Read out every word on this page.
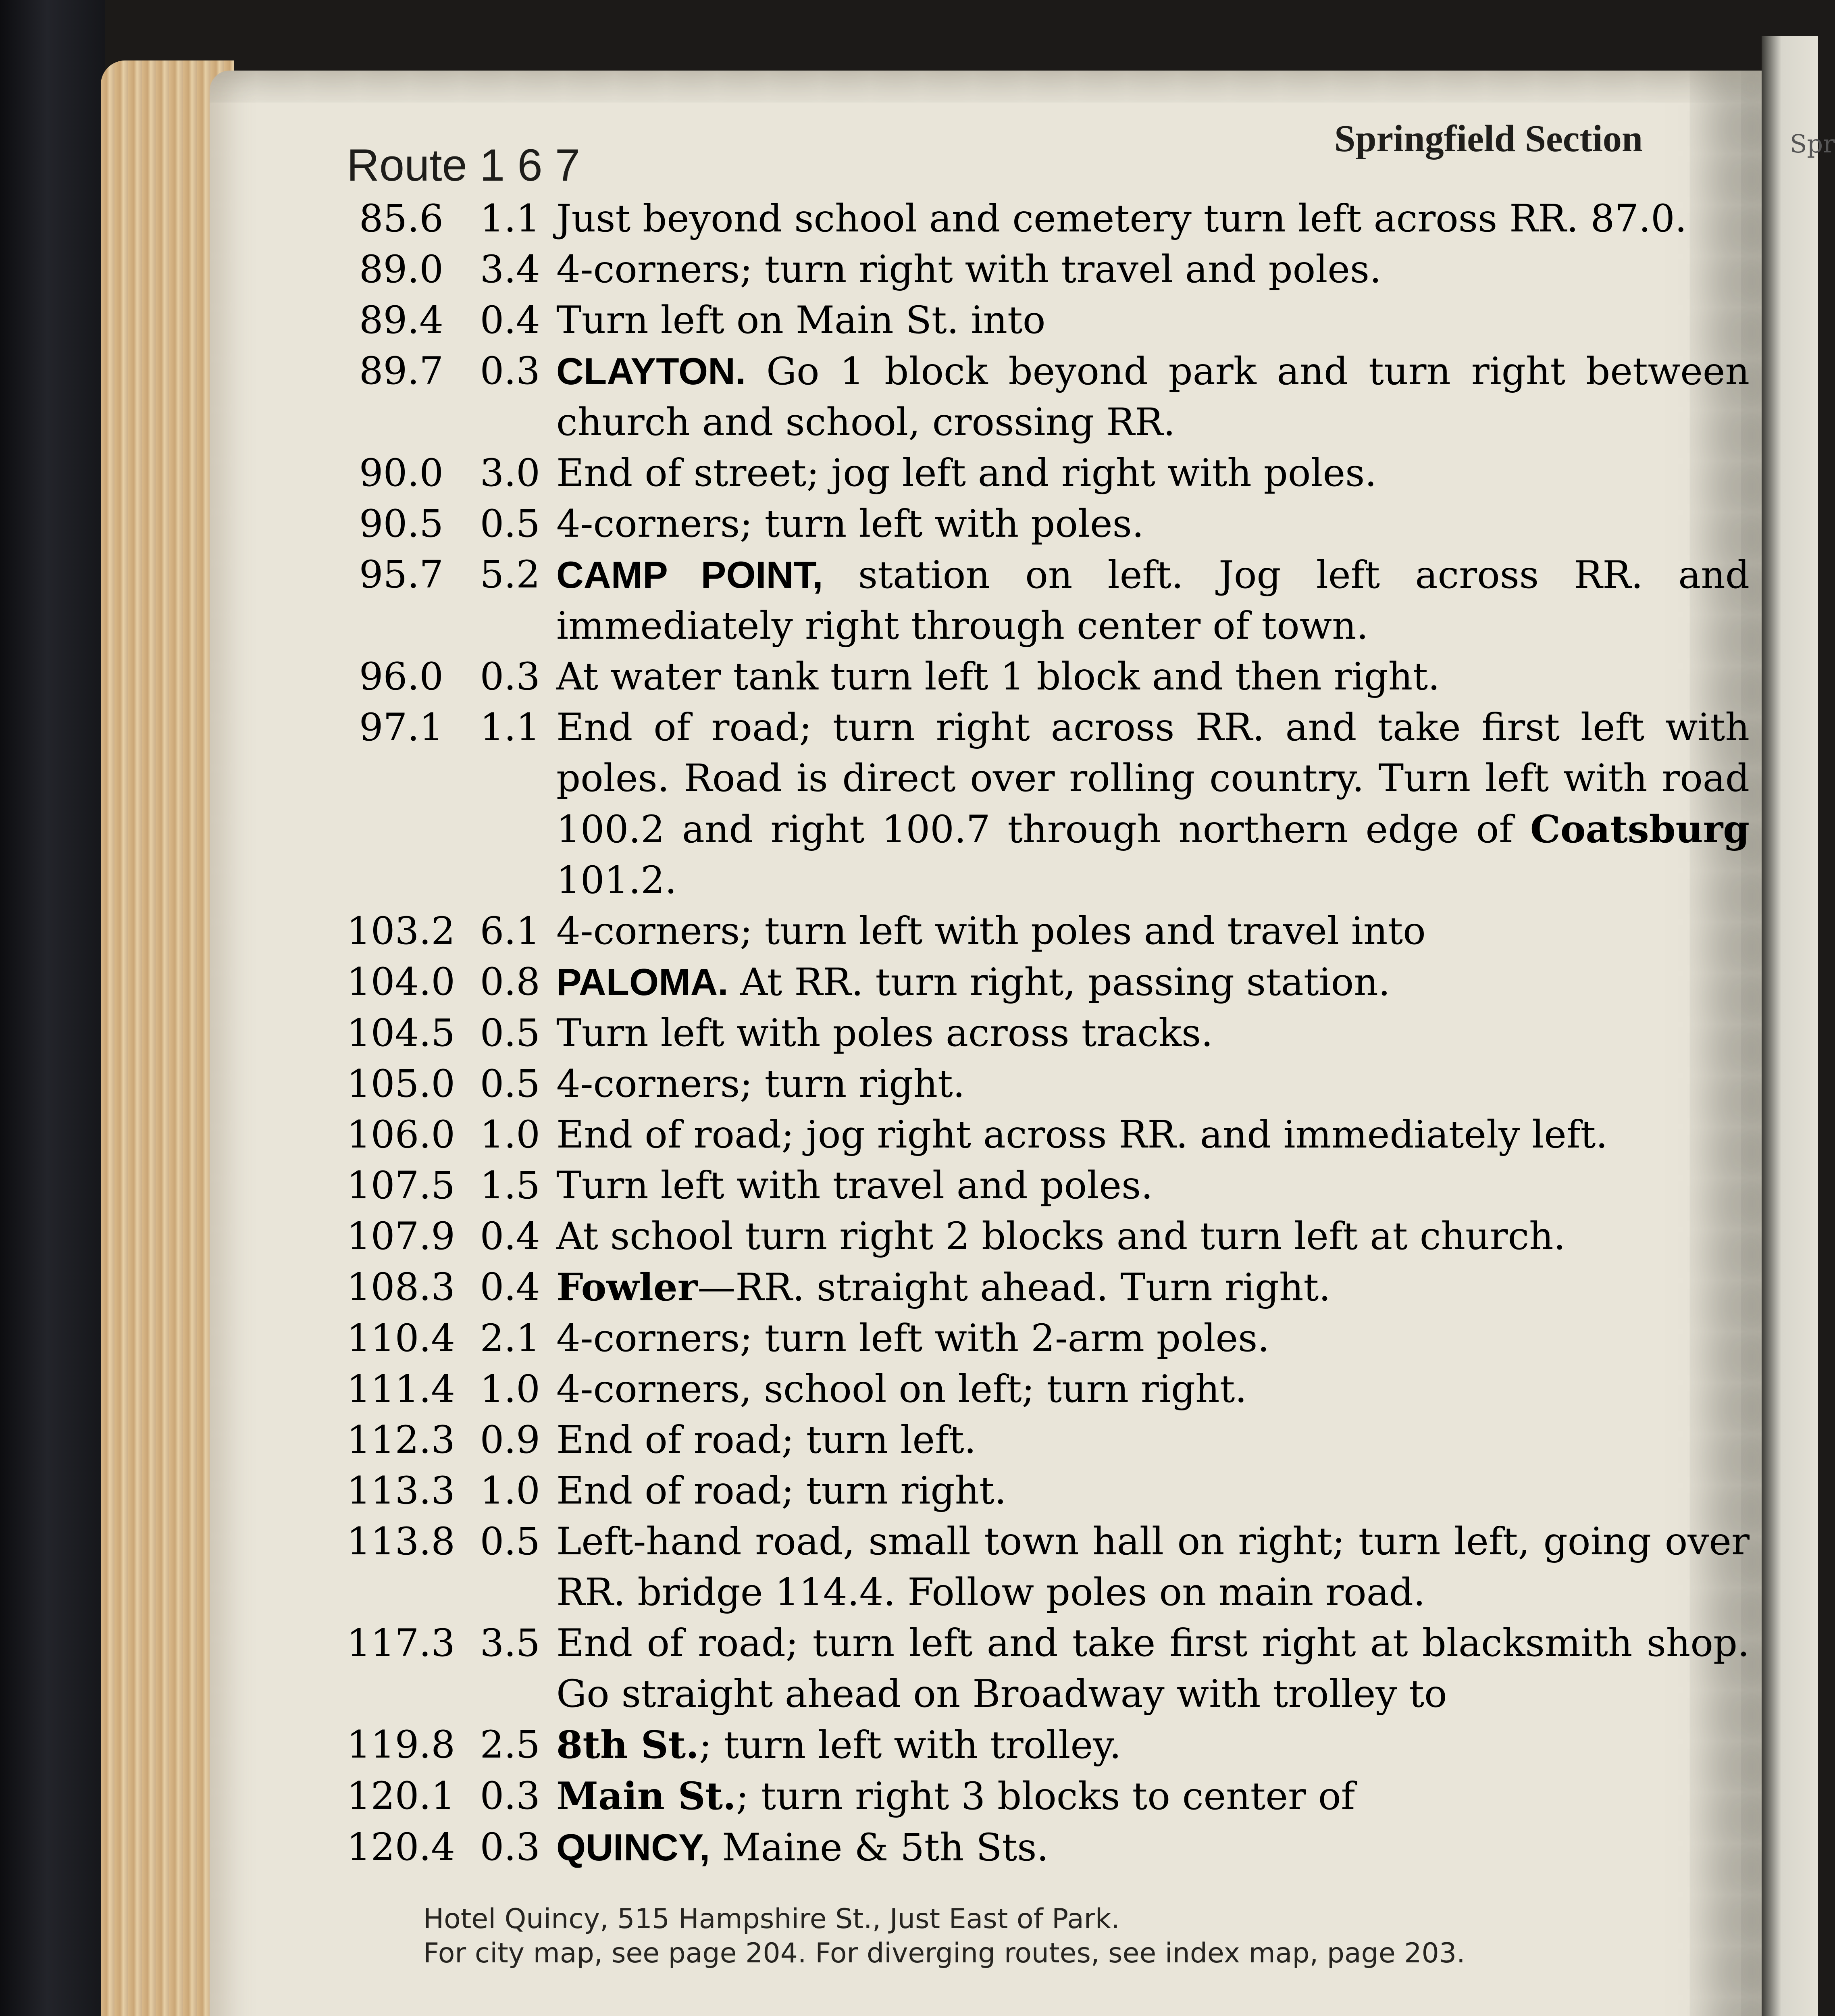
Spr
Route 1 6 7
Springfield Section
85.6 1.1 Just beyond school and cemetery turn left across RR. 87.0.
89.0 3.4 4-corners; turn right with travel and poles.
89.4 0.4 Turn left on Main St. into
89.7 0.3 CLAYTON. Go 1 block beyond park and turn right between church and school, crossing RR.
90.0 3.0 End of street; jog left and right with poles.
90.5 0.5 4-corners; turn left with poles.
95.7 5.2 CAMP POINT, station on left. Jog left across RR. and immediately right through center of town.
96.0 0.3 At water tank turn left 1 block and then right.
97.1 1.1 End of road; turn right across RR. and take first left with poles. Road is direct over rolling country. Turn left with road 100.2 and right 100.7 through northern edge of Coatsburg 101.2.
103.2 6.1 4-corners; turn left with poles and travel into
104.0 0.8 PALOMA. At RR. turn right, passing station.
104.5 0.5 Turn left with poles across tracks.
105.0 0.5 4-corners; turn right.
106.0 1.0 End of road; jog right across RR. and immediately left.
107.5 1.5 Turn left with travel and poles.
107.9 0.4 At school turn right 2 blocks and turn left at church.
108.3 0.4 Fowler—RR. straight ahead. Turn right.
110.4 2.1 4-corners; turn left with 2-arm poles.
111.4 1.0 4-corners, school on left; turn right.
112.3 0.9 End of road; turn left.
113.3 1.0 End of road; turn right.
113.8 0.5 Left-hand road, small town hall on right; turn left, going over RR. bridge 114.4. Follow poles on main road.
117.3 3.5 End of road; turn left and take first right at blacksmith shop. Go straight ahead on Broadway with trolley to
119.8 2.5 8th St.; turn left with trolley.
120.1 0.3 Main St.; turn right 3 blocks to center of
120.4 0.3 QUINCY, Maine & 5th Sts.
Hotel Quincy, 515 Hampshire St., Just East of Park.
For city map, see page 204. For diverging routes, see index map, page 203.
